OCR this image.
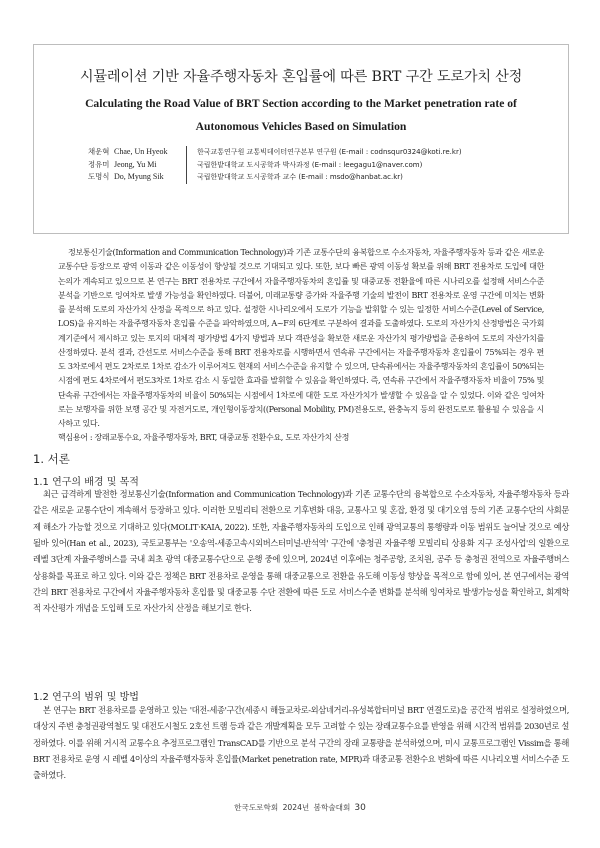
시뮬레이션 기반 자율주행자동차 혼입률에 따른 BRT 구간 도로가치 산정
Calculating the Road Value of BRT Section according to the Market penetration rate of Autonomous Vehicles Based on Simulation
채운혁 Chae, Un Hyeok	한국교통연구원 교통빅데이터연구본부 연구원 (E-mail : codnsqur0324@koti.re.kr)
정유미 Jeong, Yu Mi	국립한밭대학교 도시공학과 박사과정 (E-mail : leegagu1@naver.com)
도명식 Do, Myung Sik	국립한밭대학교 도시공학과 교수 (E-mail : msdo@hanbat.ac.kr)

정보통신기술(Information and Communication Technology)과 기존 교통수단의 융복합으로 수소자동차, 자율주행자동차 등과 같은 새로운 교통수단 등장으로 광역 이동과 같은 이동성이 향상될 것으로 기대되고 있다. 또한, 보다 빠른 광역 이동성 확보를 위해 BRT 전용차로 도입에 대한 논의가 계속되고 있으므로 본 연구는 BRT 전용차로 구간에서 자율주행자동차의 혼입률 및 대중교통 전환율에 따른 시나리오를 설정해 서비스수준 분석을 기반으로 잉여차로 발생 가능성을 확인하였다. 더불어, 미래교통량 증가와 자율주행 기술의 발전이 BRT 전용차로 운영 구간에 미치는 변화를 분석해 도로의 자산가치 산정을 목적으로 하고 있다. 설정한 시나리오에서 도로가 기능을 발휘할 수 있는 일정한 서비스수준(Level of Service, LOS)을 유지하는 자율주행자동차 혼입률 수준을 파악하였으며, A~F의 6단계로 구분하여 결과를 도출하였다. 도로의 자산가치 산정방법은 국가회계기준에서 제시하고 있는 토지의 대체적 평가방법 4가지 방법과 보다 객관성을 확보한 새로운 자산가치 평가방법을 준용하여 도로의 자산가치를 산정하였다. 분석 결과, 간선도로 서비스수준을 통해 BRT 전용차로를 시행하면서 연속류 구간에서는 자율주행자동차 혼입률이 75%되는 경우 편도 3차로에서 편도 2차로로 1차로 감소가 이루어져도 현재의 서비스수준을 유지할 수 있으며, 단속류에서는 자율주행자동차의 혼입률이 50%되는 시점에 편도 4차로에서 편도3차로 1차로 감소 시 동일한 효과를 발휘할 수 있음을 확인하였다. 즉, 연속류 구간에서 자율주행자동차 비율이 75% 및 단속류 구간에서는 자율주행자동차의 비율이 50%되는 시점에서 1차로에 대한 도로 자산가치가 발생할 수 있음을 알 수 있었다. 이와 같은 잉여차로는 보행자를 위한 보행 공간 및 자전거도로, 개인형이동장치((Personal Mobility, PM)전용도로, 완충녹지 등의 완전도로로 활용될 수 있음을 시사하고 있다.

핵심용어 : 장래교통수요, 자율주행자동차, BRT, 대중교통 전환수요, 도로 자산가치 산정

1. 서론
1.1 연구의 배경 및 목적

최근 급격하게 발전한 정보통신기술(Information and Communication Technology)과 기존 교통수단의 융복합으로 수소자동차, 자율주행자동차 등과 같은 새로운 교통수단이 계속해서 등장하고 있다. 이러한 모빌리티 전환으로 기후변화 대응, 교통사고 및 혼잡, 환경 및 대기오염 등의 기존 교통수단의 사회문제 해소가 가능할 것으로 기대하고 있다(MOLIT·KAIA, 2022). 또한, 자율주행자동차의 도입으로 인해 광역교통의 통행량과 이동 범위도 늘어날 것으로 예상될바 있어(Han et al., 2023), 국토교통부는 '오송역-세종고속시외버스터미널-반석역' 구간에 '충청권 자율주행 모빌리티 상용화 지구 조성사업'의 일환으로 레벨 3단계 자율주행버스를 국내 최초 광역 대중교통수단으로 운행 중에 있으며, 2024년 이후에는 청주공항, 조치원, 공주 등 충청권 전역으로 자율주행버스 상용화를 목표로 하고 있다. 이와 같은 정책은 BRT 전용차로 운영을 통해 대중교통으로 전환을 유도해 이동성 향상을 목적으로 함에 있어, 본 연구에서는 광역 간의 BRT 전용차로 구간에서 자율주행자동차 혼입률 및 대중교통 수단 전환에 따른 도로 서비스수준 변화를 분석해 잉여차로 발생가능성을 확인하고, 회계학적 자산평가 개념을 도입해 도로 자산가치 산정을 해보기로 한다.

1.2 연구의 범위 및 방법

본 연구는 BRT 전용차로를 운영하고 있는 '대전-세종'구간(세종시 해들교차로-외삼네거리-유성복합터미널 BRT 연결도로)을 공간적 범위로 설정하였으며, 대상지 주변 충청권광역철도 및 대전도시철도 2호선 트램 등과 같은 개발계획을 모두 고려할 수 있는 장래교통수요를 반영을 위해 시간적 범위를 2030년로 설정하였다. 이를 위해 거시적 교통수요 추정프로그램인 TransCAD를 기반으로 분석 구간의 장래 교통량을 분석하였으며, 미시 교통프로그램인 Vissim을 통해 BRT 전용차로 운영 시 레벨 4이상의 자율주행자동차 혼입률(Market penetration rate, MPR)과 대중교통 전환수요 변화에 따른 시나리오별 서비스수준 도출하였다.

한국도로학회 2024년 봄학술대회 30
